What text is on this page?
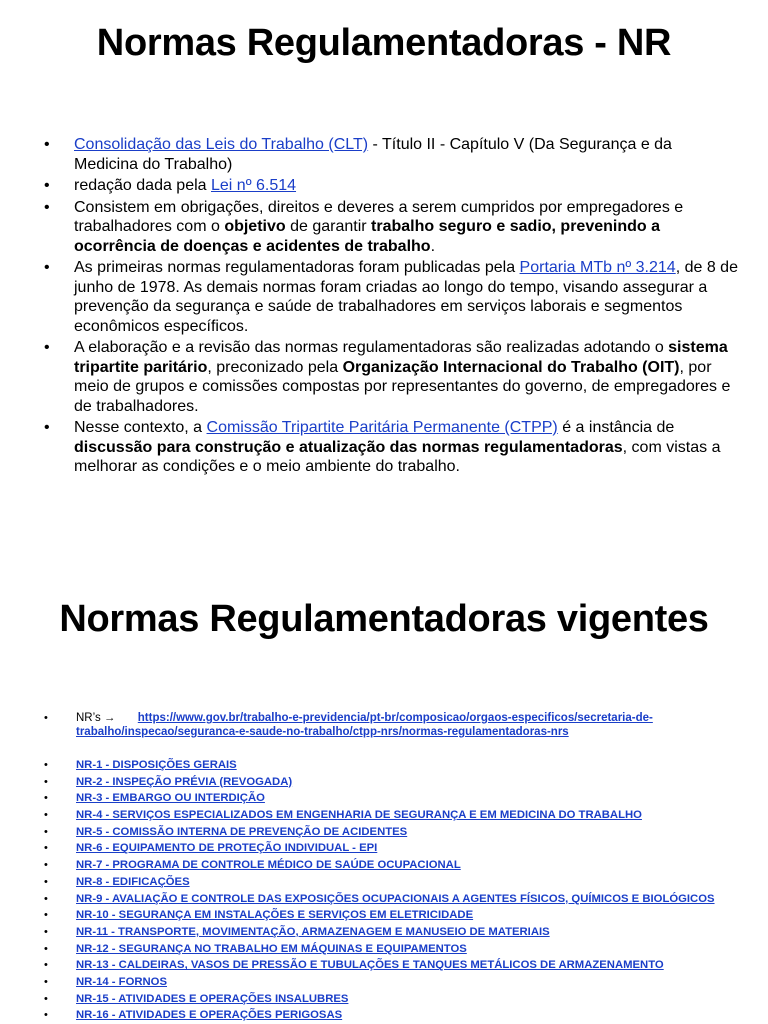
Normas Regulamentadoras - NR
• Consolidação das Leis do Trabalho (CLT) - Título II - Capítulo V (Da Segurança e da Medicina do Trabalho)
• redação dada pela Lei nº 6.514
• Consistem em obrigações, direitos e deveres a serem cumpridos por empregadores e trabalhadores com o objetivo de garantir trabalho seguro e sadio, prevenindo a ocorrência de doenças e acidentes de trabalho.
• As primeiras normas regulamentadoras foram publicadas pela Portaria MTb nº 3.214, de 8 de junho de 1978. As demais normas foram criadas ao longo do tempo, visando assegurar a prevenção da segurança e saúde de trabalhadores em serviços laborais e segmentos econômicos específicos.
• A elaboração e a revisão das normas regulamentadoras são realizadas adotando o sistema tripartite paritário, preconizado pela Organização Internacional do Trabalho (OIT), por meio de grupos e comissões compostas por representantes do governo, de empregadores e de trabalhadores.
• Nesse contexto, a Comissão Tripartite Paritária Permanente (CTPP) é a instância de discussão para construção e atualização das normas regulamentadoras, com vistas a melhorar as condições e o meio ambiente do trabalho.
Normas Regulamentadoras vigentes
•	NR’s → https://www.gov.br/trabalho-e-previdencia/pt-br/composicao/orgaos-especificos/secretaria-de-trabalho/inspecao/seguranca-e-saude-no-trabalho/ctpp-nrs/normas-regulamentadoras-nrs
• NR-1 - DISPOSIÇÕES GERAIS
• NR-2 - INSPEÇÃO PRÉVIA (REVOGADA)
• NR-3 - EMBARGO OU INTERDIÇÃO
• NR-4 - SERVIÇOS ESPECIALIZADOS EM ENGENHARIA DE SEGURANÇA E EM MEDICINA DO TRABALHO
• NR-5 - COMISSÃO INTERNA DE PREVENÇÃO DE ACIDENTES
• NR-6 - EQUIPAMENTO DE PROTEÇÃO INDIVIDUAL - EPI
• NR-7 - PROGRAMA DE CONTROLE MÉDICO DE SAÚDE OCUPACIONAL
• NR-8 - EDIFICAÇÕES
• NR-9 - AVALIAÇÃO E CONTROLE DAS EXPOSIÇÕES OCUPACIONAIS A AGENTES FÍSICOS, QUÍMICOS E BIOLÓGICOS
• NR-10 - SEGURANÇA EM INSTALAÇÕES E SERVIÇOS EM ELETRICIDADE
• NR-11 - TRANSPORTE, MOVIMENTAÇÃO, ARMAZENAGEM E MANUSEIO DE MATERIAIS
• NR-12 - SEGURANÇA NO TRABALHO EM MÁQUINAS E EQUIPAMENTOS
• NR-13 - CALDEIRAS, VASOS DE PRESSÃO E TUBULAÇÕES E TANQUES METÁLICOS DE ARMAZENAMENTO
• NR-14 - FORNOS
• NR-15 - ATIVIDADES E OPERAÇÕES INSALUBRES
• NR-16 - ATIVIDADES E OPERAÇÕES PERIGOSAS
